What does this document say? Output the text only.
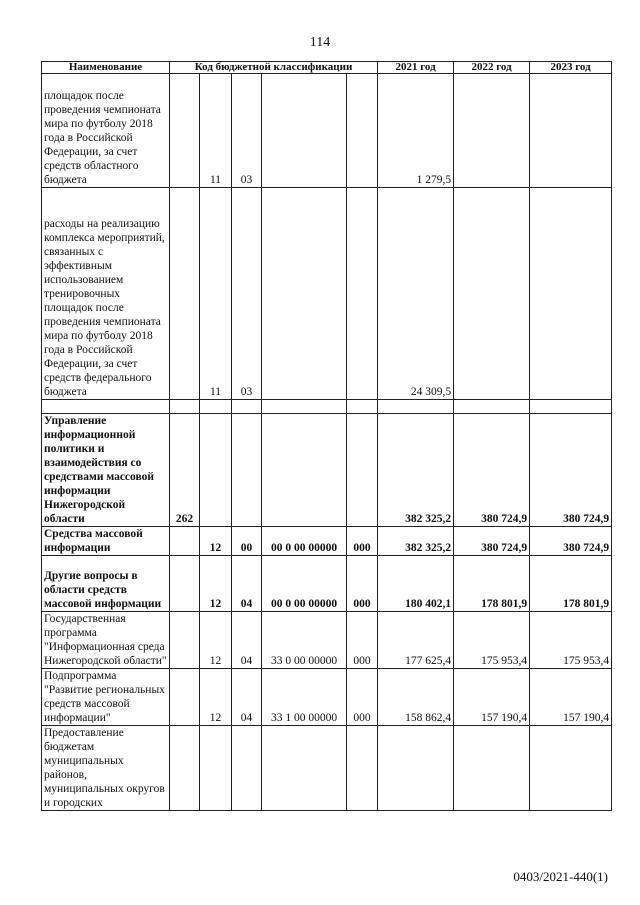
114
Наименование	Код бюджетной классификации					2021 год	2022 год	2023 год
площадок после проведения чемпионата мира по футболу 2018 года в Российской Федерации, за счет средств областного бюджета		11	03			1 279,5		
расходы на реализацию комплекса мероприятий, связанных с эффективным использованием тренировочных площадок после проведения чемпионата мира по футболу 2018 года в Российской Федерации, за счет средств федерального бюджета		11	03			24 309,5		

Управление информационной политики и взаимодействия со средствами массовой информации Нижегородской области	262					382 325,2	380 724,9	380 724,9
Средства массовой информации		12	00	00 0 00 00000	000	382 325,2	380 724,9	380 724,9
Другие вопросы в области средств массовой информации		12	04	00 0 00 00000	000	180 402,1	178 801,9	178 801,9
Государственная программа "Информационная среда Нижегородской области"		12	04	33 0 00 00000	000	177 625,4	175 953,4	175 953,4
Подпрограмма "Развитие региональных средств массовой информации"		12	04	33 1 00 00000	000	158 862,4	157 190,4	157 190,4
Предоставление бюджетам муниципальных районов, муниципальных округов и городских								
0403/2021-440(1)
